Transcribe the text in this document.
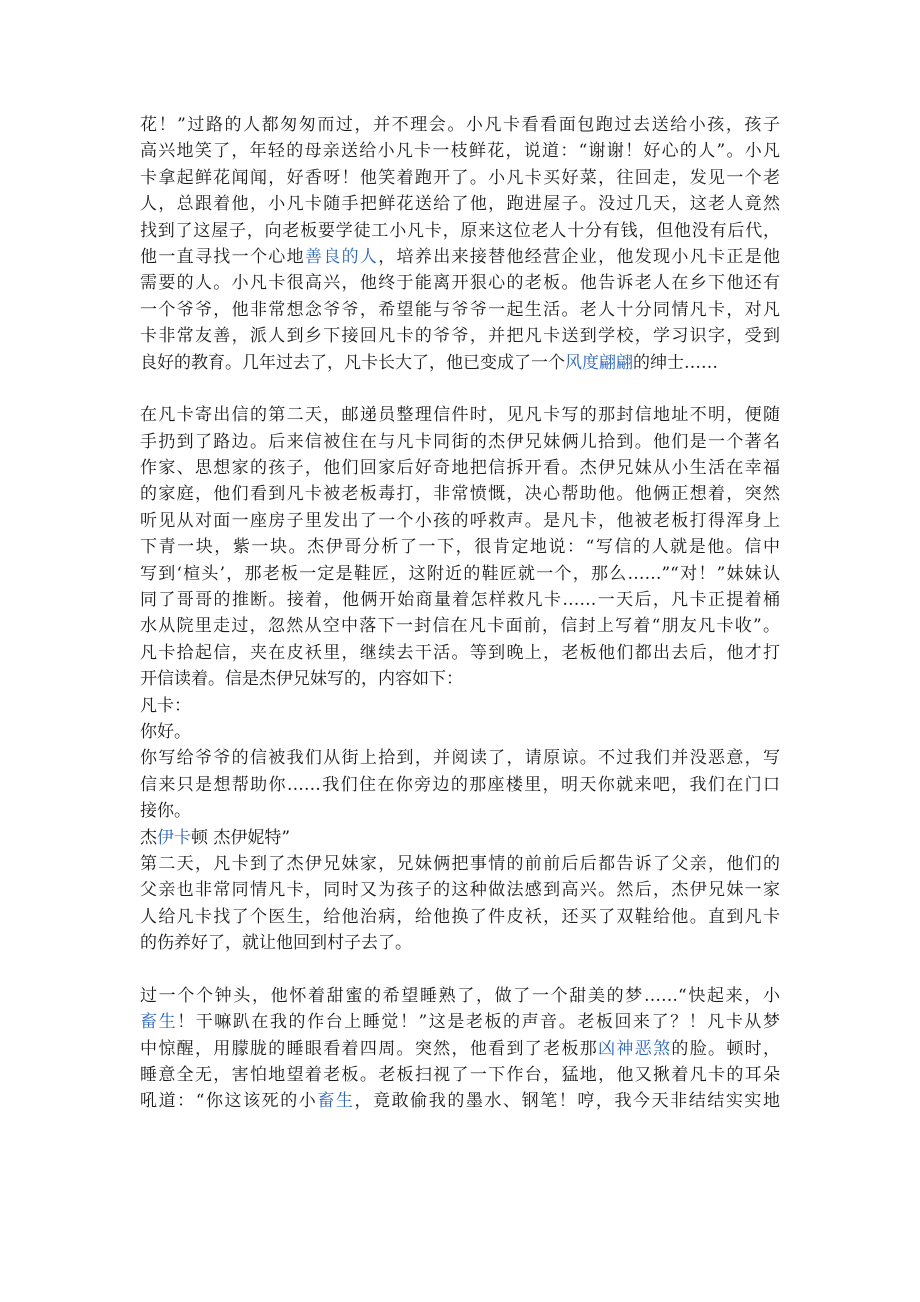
花！”过路的人都匆匆而过，并不理会。小凡卡看看面包跑过去送给小孩，孩子
高兴地笑了，年轻的母亲送给小凡卡一枝鲜花，说道：“谢谢！好心的人”。小凡
卡拿起鲜花闻闻，好香呀！他笑着跑开了。小凡卡买好菜，往回走，发见一个老
人，总跟着他，小凡卡随手把鲜花送给了他，跑进屋子。没过几天，这老人竟然
找到了这屋子，向老板要学徒工小凡卡，原来这位老人十分有钱，但他没有后代，
他一直寻找一个心地善良的人，培养出来接替他经营企业，他发现小凡卡正是他
需要的人。小凡卡很高兴，他终于能离开狠心的老板。他告诉老人在乡下他还有
一个爷爷，他非常想念爷爷，希望能与爷爷一起生活。老人十分同情凡卡，对凡
卡非常友善，派人到乡下接回凡卡的爷爷，并把凡卡送到学校，学习识字，受到
良好的教育。几年过去了，凡卡长大了，他已变成了一个风度翩翩的绅士……
在凡卡寄出信的第二天，邮递员整理信件时，见凡卡写的那封信地址不明，便随
手扔到了路边。后来信被住在与凡卡同街的杰伊兄妹俩儿拾到。他们是一个著名
作家、思想家的孩子，他们回家后好奇地把信拆开看。杰伊兄妹从小生活在幸福
的家庭，他们看到凡卡被老板毒打，非常愤慨，决心帮助他。他俩正想着，突然
听见从对面一座房子里发出了一个小孩的呼救声。是凡卡，他被老板打得浑身上
下青一块，紫一块。杰伊哥分析了一下，很肯定地说：“写信的人就是他。信中
写到‘楦头’，那老板一定是鞋匠，这附近的鞋匠就一个，那么……”“对！”妹妹认
同了哥哥的推断。接着，他俩开始商量着怎样救凡卡……一天后，凡卡正提着桶
水从院里走过，忽然从空中落下一封信在凡卡面前，信封上写着“朋友凡卡收”。
凡卡拾起信，夹在皮袄里，继续去干活。等到晚上，老板他们都出去后，他才打
开信读着。信是杰伊兄妹写的，内容如下：
凡卡：
你好。
你写给爷爷的信被我们从街上拾到，并阅读了，请原谅。不过我们并没恶意，写
信来只是想帮助你……我们住在你旁边的那座楼里，明天你就来吧，我们在门口
接你。
杰伊卡顿 杰伊妮特”
第二天，凡卡到了杰伊兄妹家，兄妹俩把事情的前前后后都告诉了父亲，他们的
父亲也非常同情凡卡，同时又为孩子的这种做法感到高兴。然后，杰伊兄妹一家
人给凡卡找了个医生，给他治病，给他换了件皮袄，还买了双鞋给他。直到凡卡
的伤养好了，就让他回到村子去了。
过一个个钟头，他怀着甜蜜的希望睡熟了，做了一个甜美的梦……“快起来，小
畜生！干嘛趴在我的作台上睡觉！”这是老板的声音。老板回来了？！凡卡从梦
中惊醒，用朦胧的睡眼看着四周。突然，他看到了老板那凶神恶煞的脸。顿时，
睡意全无，害怕地望着老板。老板扫视了一下作台，猛地，他又揪着凡卡的耳朵
吼道：“你这该死的小畜生，竟敢偷我的墨水、钢笔！哼，我今天非结结实实地
